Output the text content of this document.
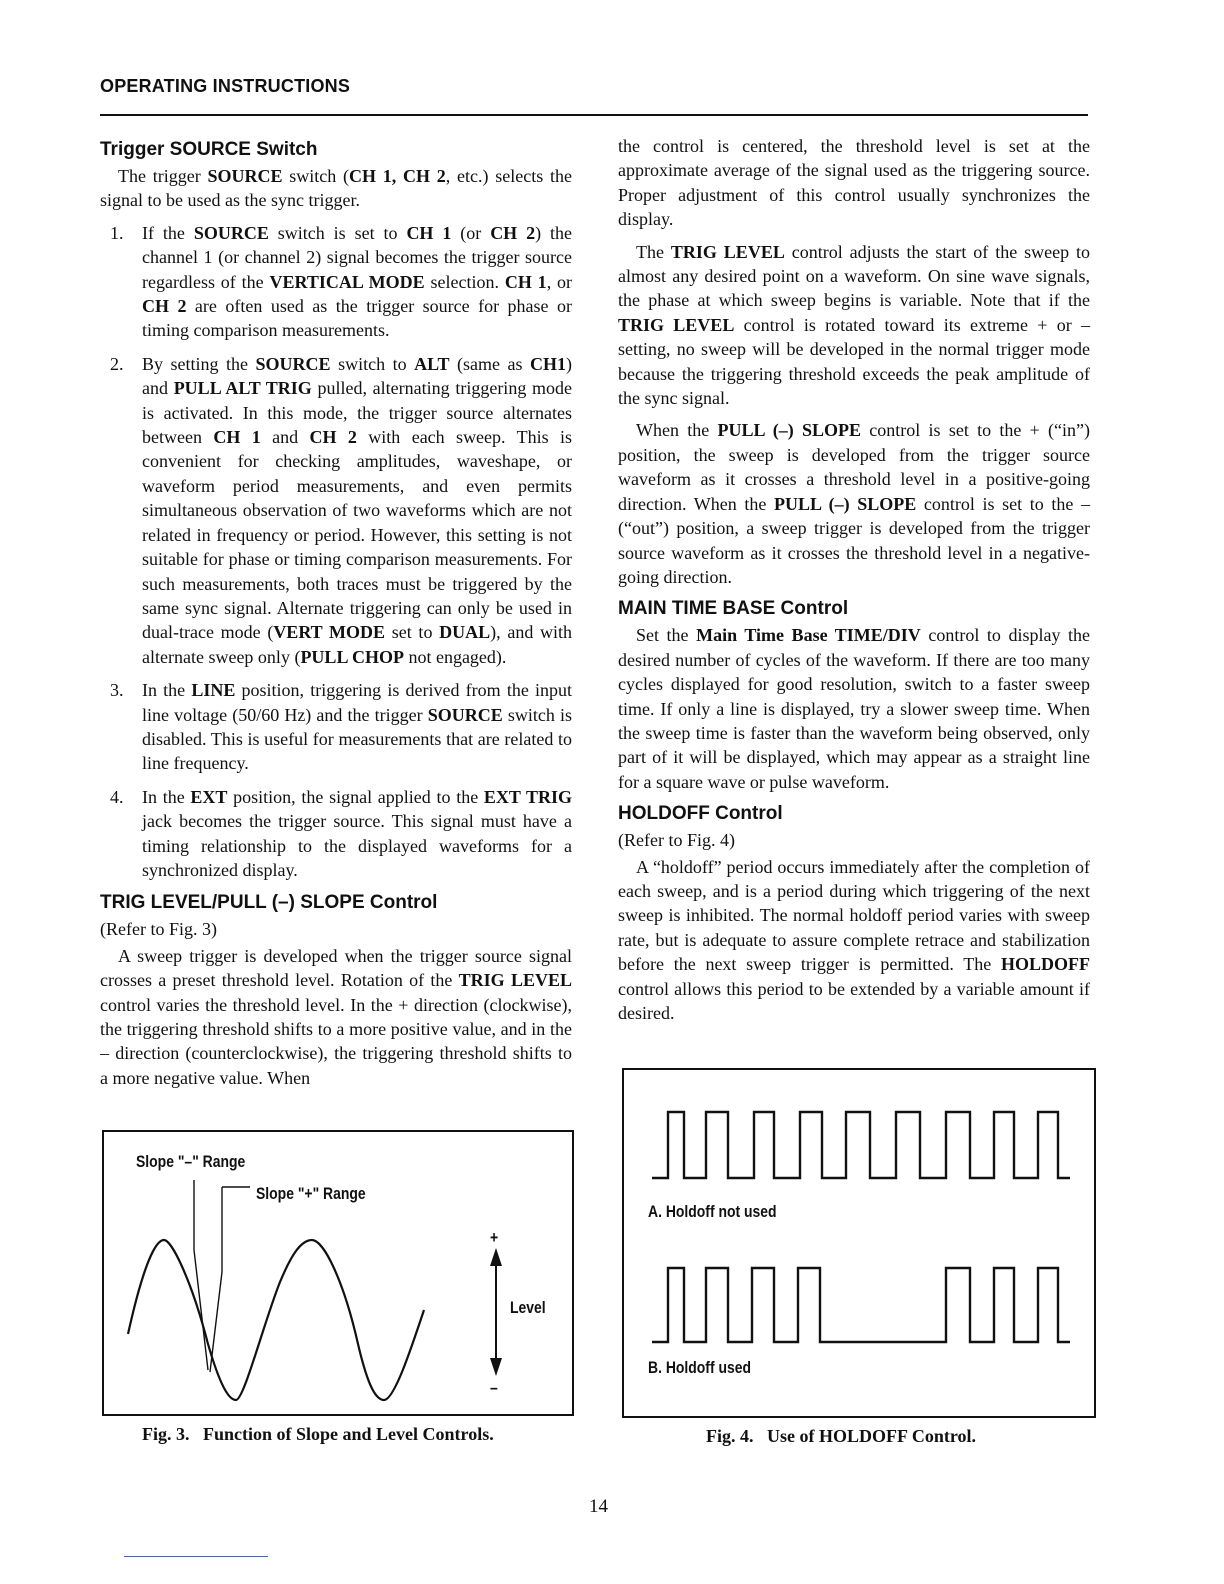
OPERATING INSTRUCTIONS
Trigger SOURCE Switch

The trigger SOURCE switch (CH 1, CH 2, etc.) selects the signal to be used as the sync trigger.

1. If the SOURCE switch is set to CH 1 (or CH 2) the channel 1 (or channel 2) signal becomes the trigger source regardless of the VERTICAL MODE selection. CH 1, or CH 2 are often used as the trigger source for phase or timing comparison measurements.
2. By setting the SOURCE switch to ALT (same as CH1) and PULL ALT TRIG pulled, alternating triggering mode is activated. In this mode, the trigger source alternates between CH 1 and CH 2 with each sweep. This is convenient for checking amplitudes, waveshape, or waveform period measurements, and even permits simultaneous observation of two waveforms which are not related in frequency or period. However, this setting is not suitable for phase or timing comparison measurements. For such measurements, both traces must be triggered by the same sync signal. Alternate triggering can only be used in dual-trace mode (VERT MODE set to DUAL), and with alternate sweep only (PULL CHOP not engaged).
3. In the LINE position, triggering is derived from the input line voltage (50/60 Hz) and the trigger SOURCE switch is disabled. This is useful for measurements that are related to line frequency.
4. In the EXT position, the signal applied to the EXT TRIG jack becomes the trigger source. This signal must have a timing relationship to the displayed waveforms for a synchronized display.
TRIG LEVEL/PULL (–) SLOPE Control

(Refer to Fig. 3)

A sweep trigger is developed when the trigger source signal crosses a preset threshold level. Rotation of the TRIG LEVEL control varies the threshold level. In the + direction (clockwise), the triggering threshold shifts to a more positive value, and in the – direction (counterclockwise), the triggering threshold shifts to a more negative value. When

the control is centered, the threshold level is set at the approximate average of the signal used as the triggering source. Proper adjustment of this control usually synchronizes the display.

The TRIG LEVEL control adjusts the start of the sweep to almost any desired point on a waveform. On sine wave signals, the phase at which sweep begins is variable. Note that if the TRIG LEVEL control is rotated toward its extreme + or – setting, no sweep will be developed in the normal trigger mode because the triggering threshold exceeds the peak amplitude of the sync signal.

When the PULL (–) SLOPE control is set to the + (“in”) position, the sweep is developed from the trigger source waveform as it crosses a threshold level in a positive-going direction. When the PULL (–) SLOPE control is set to the – (“out”) position, a sweep trigger is developed from the trigger source waveform as it crosses the threshold level in a negative-going direction.

MAIN TIME BASE Control

Set the Main Time Base TIME/DIV control to display the desired number of cycles of the waveform. If there are too many cycles displayed for good resolution, switch to a faster sweep time. If only a line is displayed, try a slower sweep time. When the sweep time is faster than the waveform being observed, only part of it will be displayed, which may appear as a straight line for a square wave or pulse waveform.

HOLDOFF Control

(Refer to Fig. 4)

A “holdoff” period occurs immediately after the completion of each sweep, and is a period during which triggering of the next sweep is inhibited. The normal holdoff period varies with sweep rate, but is adequate to assure complete retrace and stabilization before the next sweep trigger is permitted. The HOLDOFF control allows this period to be extended by a variable amount if desired.

Slope "–" Range
Slope "+" Range
+
Level
–
Fig. 3. Function of Slope and Level Controls.
A. Holdoff not used
B. Holdoff used
Fig. 4. Use of HOLDOFF Control.
14
